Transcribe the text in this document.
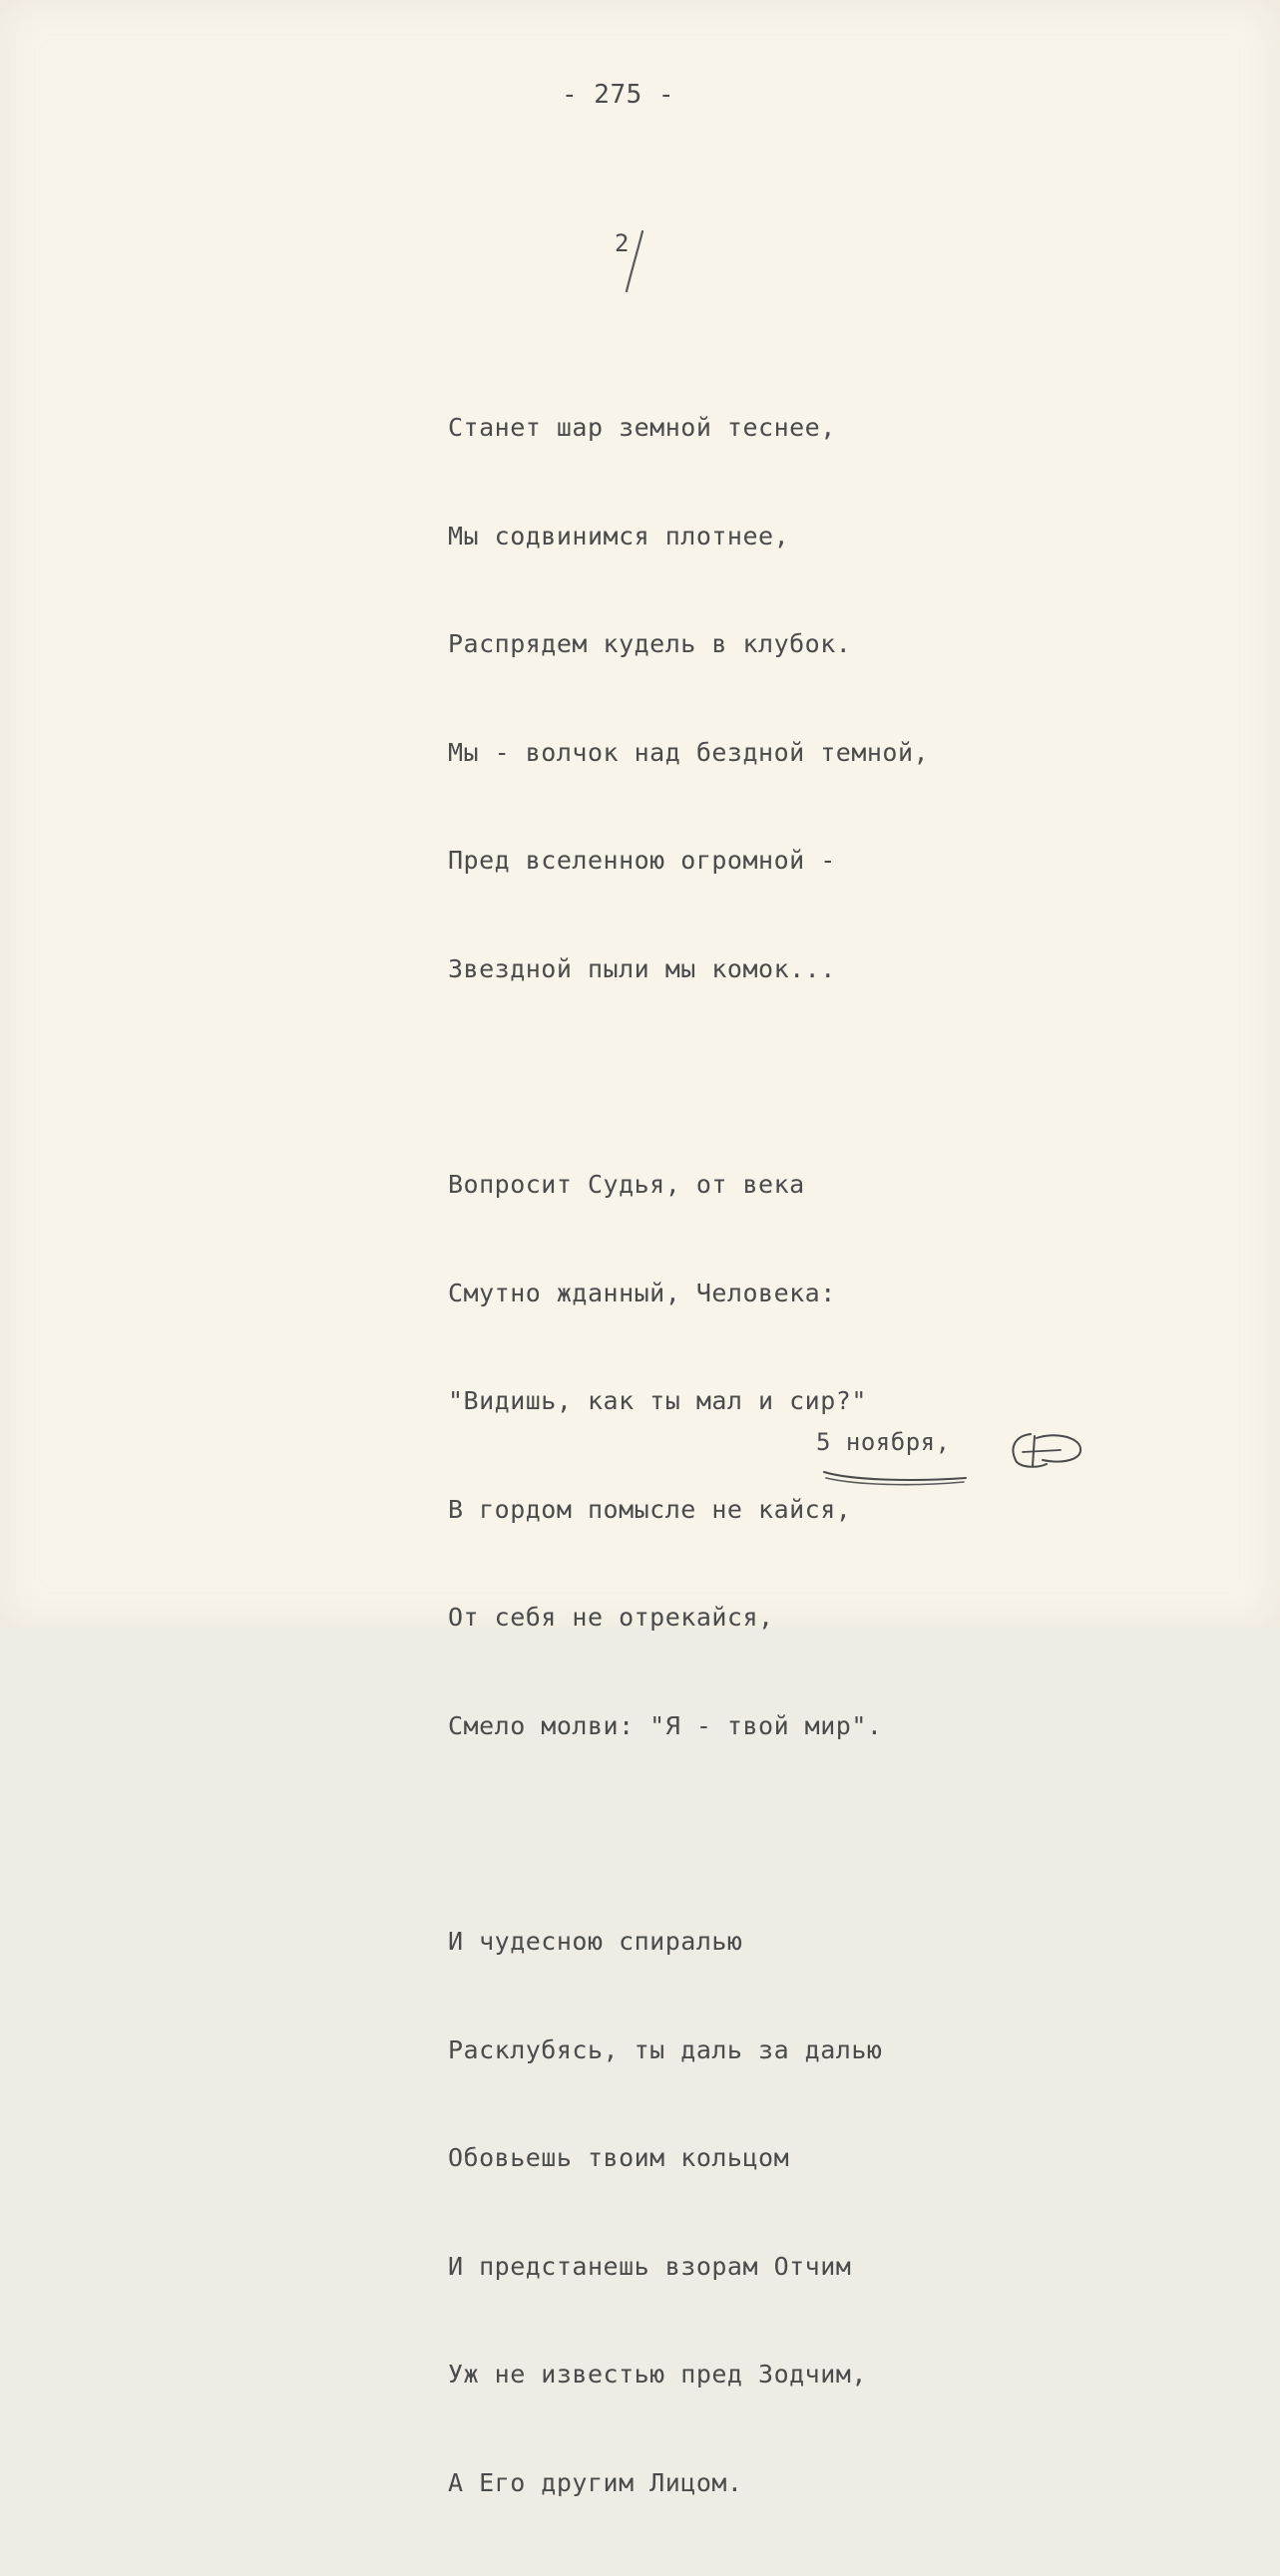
- 275 -
2

Станет шар земной теснее,

Мы содвинимся плотнее,

Распрядем кудель в клубок.

Мы - волчок над бездной темной,

Пред вселенною огромной -

Звездной пыли мы комок...

Вопросит Судья, от века

Смутно жданный, Человека:

"Видишь, как ты мал и сир?"

В гордом помысле не кайся,

От себя не отрекайся,

Смело молви: "Я - твой мир".

И чудесною спиралью

Расклубясь, ты даль за далью

Обовьешь твоим кольцом

И предстанешь взорам Отчим

Уж не известью пред Зодчим,

А Его другим Лицом.

5 ноября,
